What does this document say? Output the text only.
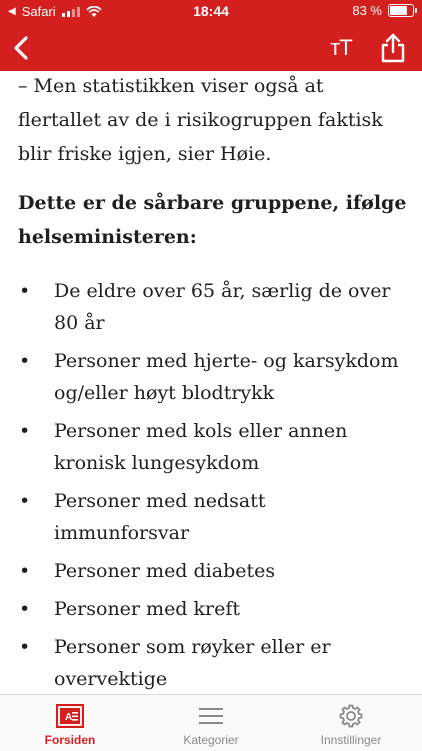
◀ Safari	18:44	83 %
ᴛT

– Men statistikken viser også at flertallet av de i risikogruppen faktisk blir friske igjen, sier Høie.

Dette er de sårbare gruppene, ifølge helseministeren:

• De eldre over 65 år, særlig de over 80 år
• Personer med hjerte- og karsykdom og/eller høyt blodtrykk
• Personer med kols eller annen kronisk lungesykdom
• Personer med nedsatt immunforsvar
• Personer med diabetes
• Personer med kreft
• Personer som røyker eller er overvektige
A
Forsiden	Kategorier	Innstillinger
